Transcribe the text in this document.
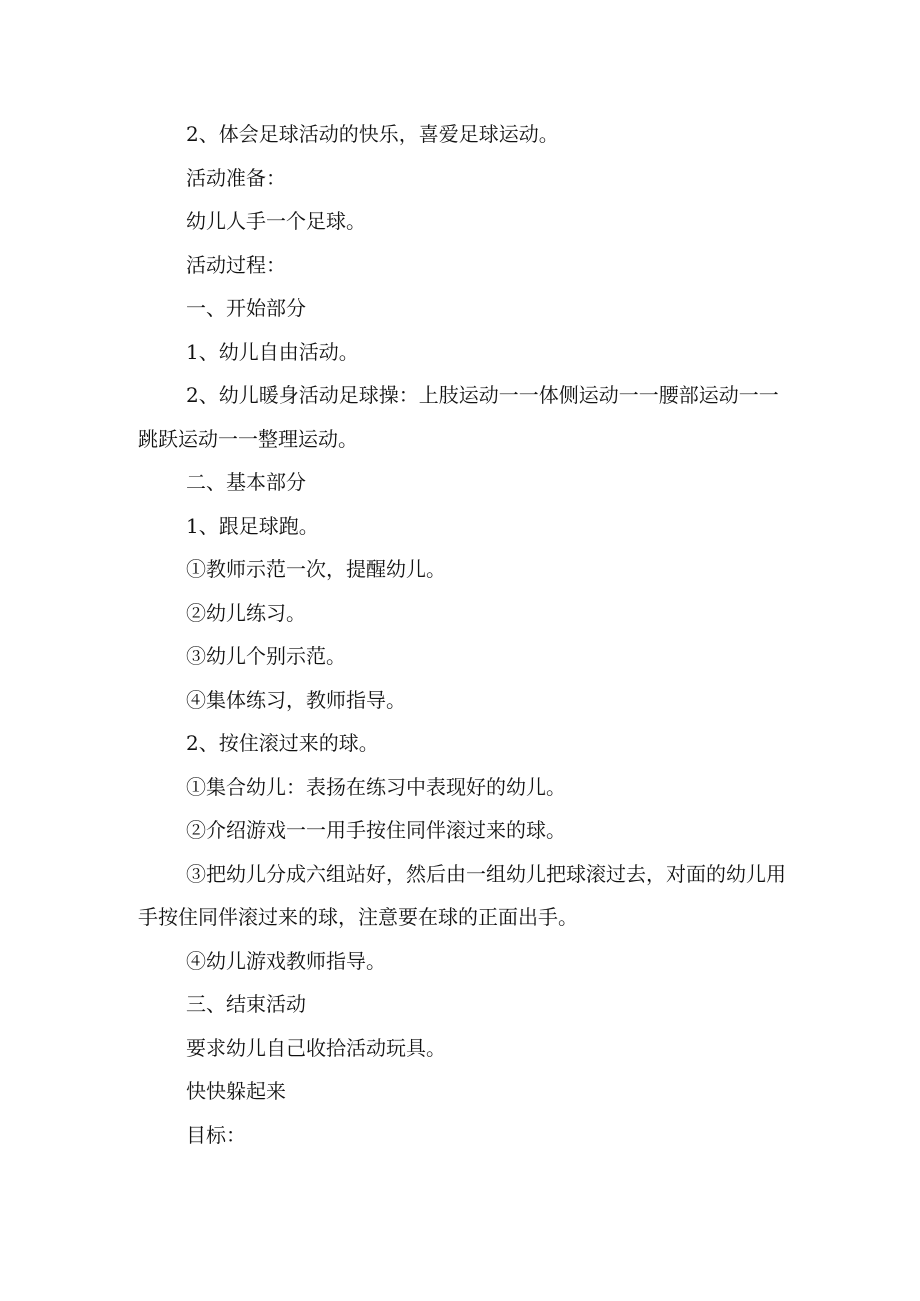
2、体会足球活动的快乐，喜爱足球运动。

活动准备：

幼儿人手一个足球。

活动过程：

一、开始部分

1、幼儿自由活动。

2、幼儿暖身活动足球操：上肢运动一一体侧运动一一腰部运动一一跳跃运动一一整理运动。

二、基本部分

1、跟足球跑。

①教师示范一次，提醒幼儿。

②幼儿练习。

③幼儿个别示范。

④集体练习，教师指导。

2、按住滚过来的球。

①集合幼儿：表扬在练习中表现好的幼儿。

②介绍游戏一一用手按住同伴滚过来的球。

③把幼儿分成六组站好，然后由一组幼儿把球滚过去，对面的幼儿用手按住同伴滚过来的球，注意要在球的正面出手。

④幼儿游戏教师指导。

三、结束活动

要求幼儿自己收拾活动玩具。

快快躲起来

目标：
